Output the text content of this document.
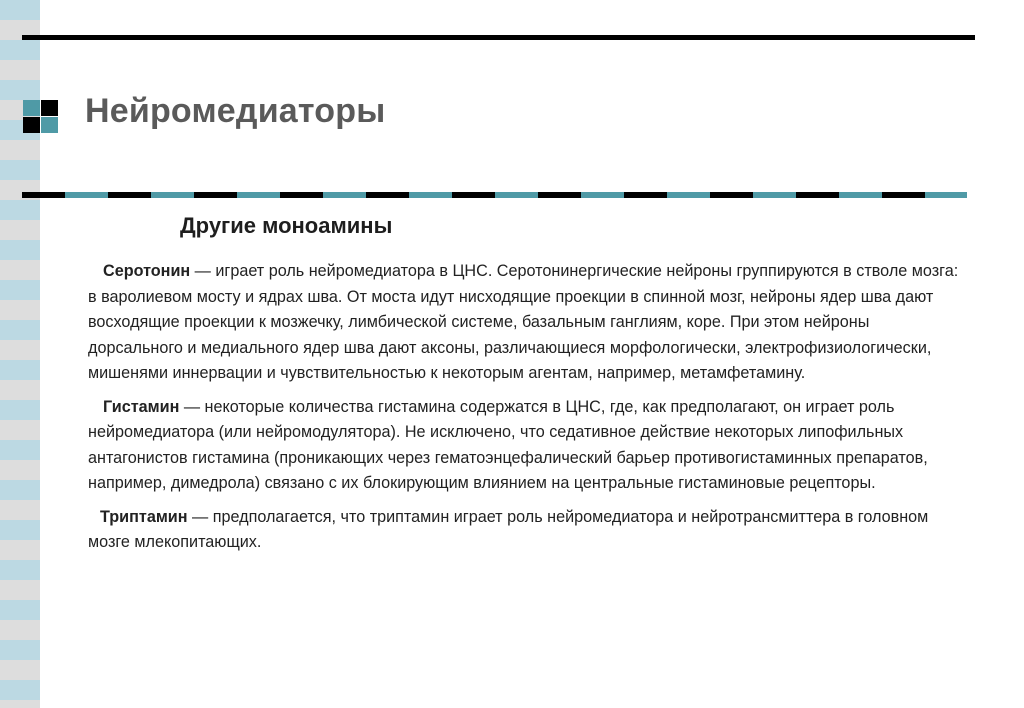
Нейромедиаторы
Другие моноамины

Серотонин — играет роль нейромедиатора в ЦНС. Серотонинергические нейроны группируются в стволе мозга: в варолиевом мосту и ядрах шва. От моста идут нисходящие проекции в спинной мозг, нейроны ядер шва дают восходящие проекции к мозжечку, лимбической системе, базальным ганглиям, коре. При этом нейроны дорсального и медиального ядер шва дают аксоны, различающиеся морфологически, электрофизиологически, мишенями иннервации и чувствительностью к некоторым агентам, например, метамфетамину.

Гистамин — некоторые количества гистамина содержатся в ЦНС, где, как предполагают, он играет роль нейромедиатора (или нейромодулятора). Не исключено, что седативное действие некоторых липофильных антагонистов гистамина (проникающих через гематоэнцефалический барьер противогистаминных препаратов, например, димедрола) связано с их блокирующим влиянием на центральные гистаминовые рецепторы.

Триптамин — предполагается, что триптамин играет роль нейромедиатора и нейротрансмиттера в головном мозге млекопитающих.
